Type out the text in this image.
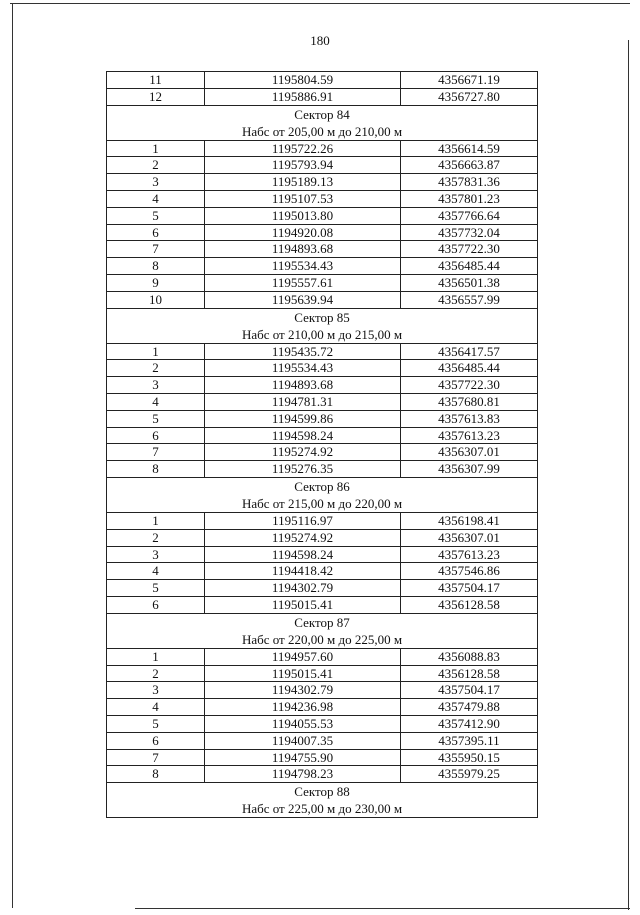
180
11	1195804.59	4356671.19
12	1195886.91	4356727.80

Сектор 84
Набс от 205,00 м до 210,00 м		

1	1195722.26	4356614.59
2	1195793.94	4356663.87
3	1195189.13	4357831.36
4	1195107.53	4357801.23
5	1195013.80	4357766.64
6	1194920.08	4357732.04
7	1194893.68	4357722.30
8	1195534.43	4356485.44
9	1195557.61	4356501.38
10	1195639.94	4356557.99

Сектор 85
Набс от 210,00 м до 215,00 м		

1	1195435.72	4356417.57
2	1195534.43	4356485.44
3	1194893.68	4357722.30
4	1194781.31	4357680.81
5	1194599.86	4357613.83
6	1194598.24	4357613.23
7	1195274.92	4356307.01
8	1195276.35	4356307.99

Сектор 86
Набс от 215,00 м до 220,00 м		

1	1195116.97	4356198.41
2	1195274.92	4356307.01
3	1194598.24	4357613.23
4	1194418.42	4357546.86
5	1194302.79	4357504.17
6	1195015.41	4356128.58

Сектор 87
Набс от 220,00 м до 225,00 м		

1	1194957.60	4356088.83
2	1195015.41	4356128.58
3	1194302.79	4357504.17
4	1194236.98	4357479.88
5	1194055.53	4357412.90
6	1194007.35	4357395.11
7	1194755.90	4355950.15
8	1194798.23	4355979.25

Сектор 88
Набс от 225,00 м до 230,00 м		
